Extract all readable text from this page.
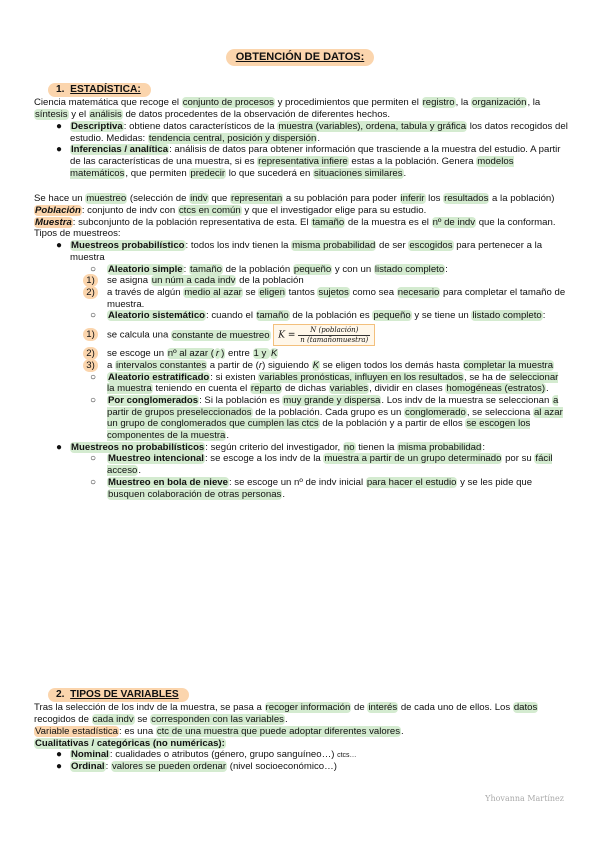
OBTENCIÓN DE DATOS:
1. ESTADÍSTICA:

Ciencia matemática que recoge el conjunto de procesos y procedimientos que permiten el registro, la organización, la síntesis y el análisis de datos procedentes de la observación de diferentes hechos.

● Descriptiva: obtiene datos característicos de la muestra (variables), ordena, tabula y gráfica los datos recogidos del estudio. Medidas: tendencia central, posición y dispersión.
● Inferencias / analítica: análisis de datos para obtener información que trasciende a la muestra del estudio. A partir de las características de una muestra, si es representativa infiere estas a la población. Genera modelos matemáticos, que permiten predecir lo que sucederá en situaciones similares.

Se hace un muestreo (selección de indv que representan a su población para poder inferir los resultados a la población)

Población: conjunto de indv con ctcs en común y que el investigador elige para su estudio.

Muestra: subconjunto de la población representativa de esta. El tamaño de la muestra es el nº de indv que la conforman. Tipos de muestreos:

● Muestreos probabilístico: todos los indv tienen la misma probabilidad de ser escogidos para pertenecer a la muestra
○ Aleatorio simple: tamaño de la población pequeño y con un listado completo:
1)	se asigna un núm a cada indv de la población
2)	a través de algún medio al azar se eligen tantos sujetos como sea necesario para completar el tamaño de muestra.
○ Aleatorio sistemático: cuando el tamaño de la población es pequeño y se tiene un listado completo:
1)	se calcula una constante de muestreo $K = \frac{\text{N (población)}}{\text{n (tamañomuestra)}}$
2)	se escoge un nº al azar ( r ) entre 1 y K
3)	a intervalos constantes a partir de (r) siguiendo K se eligen todos los demás hasta completar la muestra
○ Aleatorio estratificado: si existen variables pronósticas, influyen en los resultados, se ha de seleccionar la muestra teniendo en cuenta el reparto de dichas variables, dividir en clases homogéneas (estratos).
○ Por conglomerados: Si la población es muy grande y dispersa. Los indv de la muestra se seleccionan a partir de grupos preseleccionados de la población. Cada grupo es un conglomerado, se selecciona al azar un grupo de conglomerados que cumplen las ctcs de la población y a partir de ellos se escogen los componentes de la muestra.
● Muestreos no probabilísticos: según criterio del investigador, no tienen la misma probabilidad:
○ Muestreo intencional: se escoge a los indv de la muestra a partir de un grupo determinado por su fácil acceso.
○ Muestreo en bola de nieve: se escoge un nº de indv inicial para hacer el estudio y se les pide que busquen colaboración de otras personas.
2. TIPOS DE VARIABLES

Tras la selección de los indv de la muestra, se pasa a recoger información de interés de cada uno de ellos. Los datos recogidos de cada indv se corresponden con las variables.

Variable estadística: es una ctc de una muestra que puede adoptar diferentes valores.

Cualitativas / categóricas (no numéricas):

● Nominal: cualidades o atributos (género, grupo sanguíneo…) ctcs…
● Ordinal: valores se pueden ordenar (nivel socioeconómico…)
Yhovanna Martínez
